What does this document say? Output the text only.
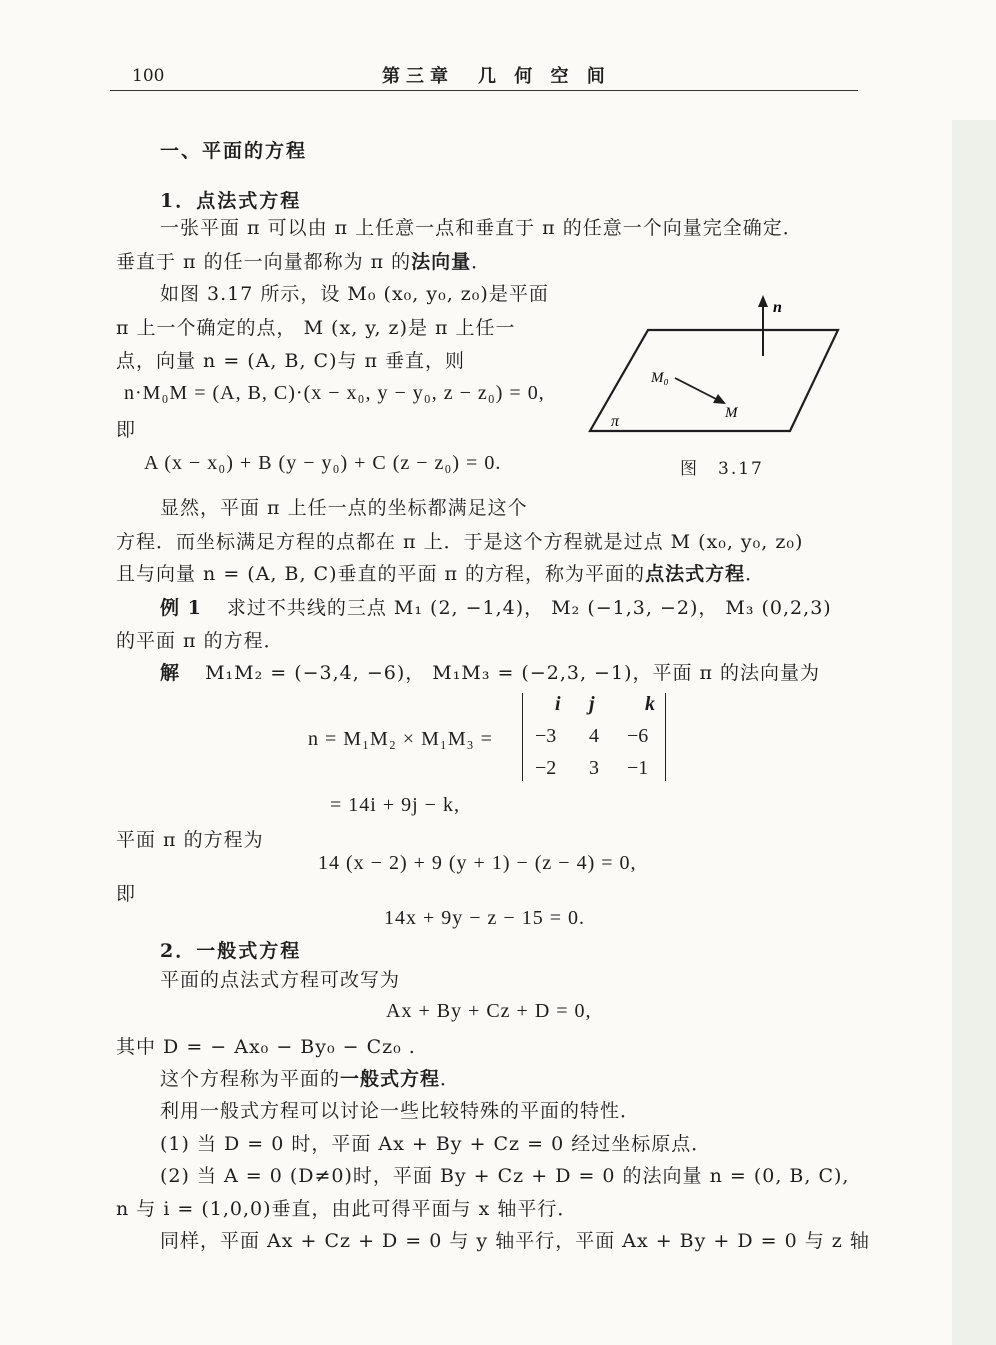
100	第三章　几 何 空 间
一、平面的方程
1．点法式方程
一张平面 π 可以由 π 上任意一点和垂直于 π 的任意一个向量完全确定．
垂直于 π 的任一向量都称为 π 的法向量．
如图 3.17 所示，设 M₀ (x₀, y₀, z₀)是平面
π 上一个确定的点， M (x, y, z)是 π 上任一
点，向量 n = (A, B, C)与 π 垂直，则
n·M₀M = (A, B, C)·(x − x₀, y − y₀, z − z₀) = 0,
即
A (x − x₀) + B (y − y₀) + C (z − z₀) = 0.
n
M₀
M
π
图　3.17
显然，平面 π 上任一点的坐标都满足这个
方程．而坐标满足方程的点都在 π 上．于是这个方程就是过点 M (x₀, y₀, z₀)
且与向量 n = (A, B, C)垂直的平面 π 的方程，称为平面的点法式方程．
例 1 求过不共线的三点 M₁ (2, −1,4)， M₂ (−1,3, −2)， M₃ (0,2,3)
的平面 π 的方程．
解 M₁M₂ = (−3,4, −6)， M₁M₃ = (−2,3, −1)，平面 π 的法向量为
n = M₁M₂ × M₁M₃ =
i j	k
−3 4 −6
−2 3 −1
= 14i + 9j − k,
平面 π 的方程为
14 (x − 2) + 9 (y + 1) − (z − 4) = 0,
即
14x + 9y − z − 15 = 0.
2．一般式方程
平面的点法式方程可改写为
Ax + By + Cz + D = 0,
其中 D = − Ax₀ − By₀ − Cz₀ .
这个方程称为平面的一般式方程．
利用一般式方程可以讨论一些比较特殊的平面的特性．
(1) 当 D = 0 时，平面 Ax + By + Cz = 0 经过坐标原点．
(2) 当 A = 0 (D≠0)时，平面 By + Cz + D = 0 的法向量 n = (0, B, C),
n 与 i = (1,0,0)垂直，由此可得平面与 x 轴平行．
同样，平面 Ax + Cz + D = 0 与 y 轴平行，平面 Ax + By + D = 0 与 z 轴
